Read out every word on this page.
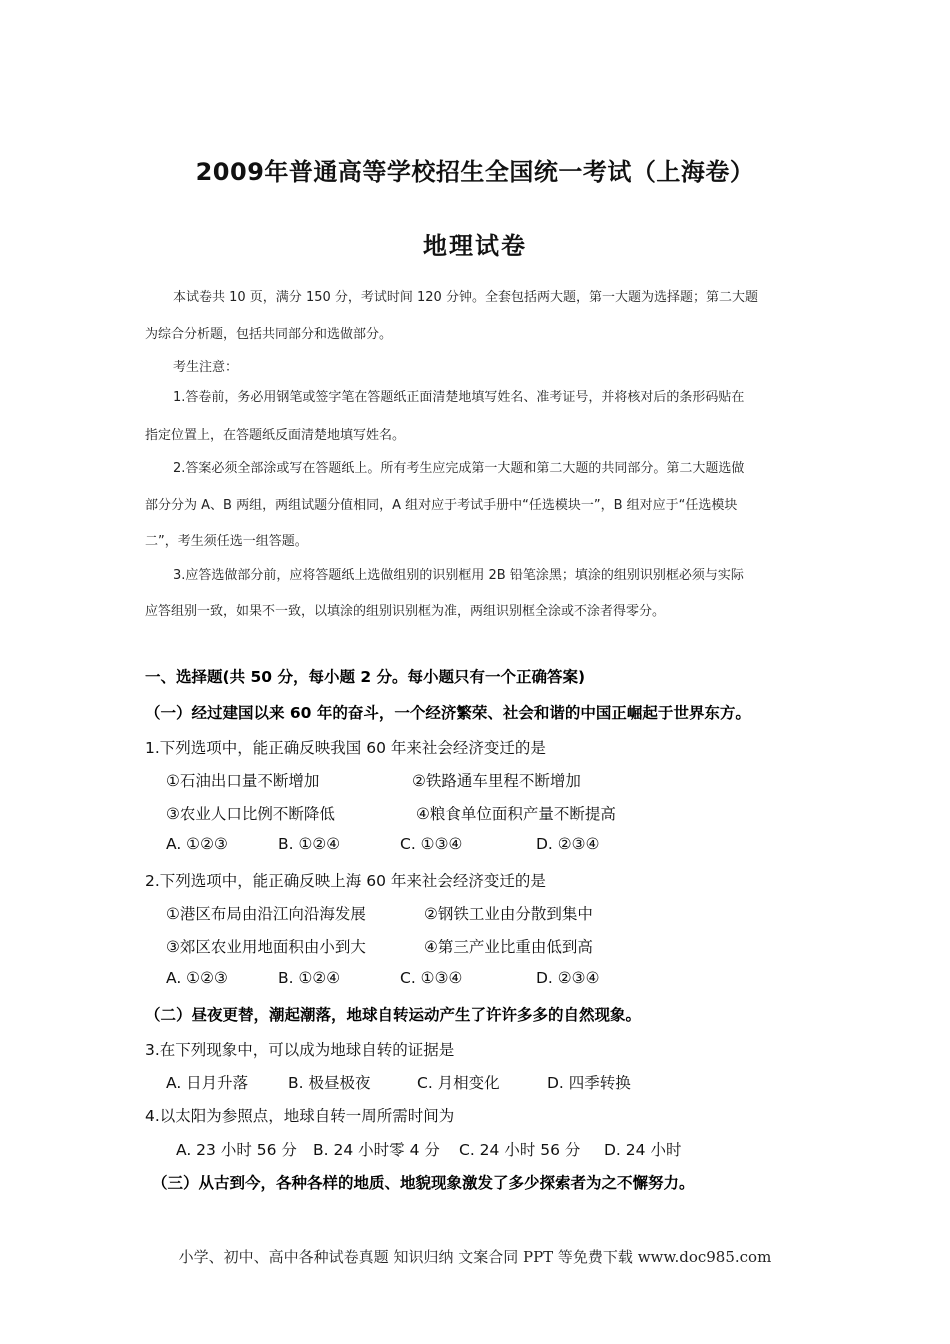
2009年普通高等学校招生全国统一考试（上海卷）
地理试卷
本试卷共 10 页，满分 150 分，考试时间 120 分钟。全套包括两大题，第一大题为选择题；第二大题
为综合分析题，包括共同部分和选做部分。
考生注意：
1.答卷前，务必用钢笔或签字笔在答题纸正面清楚地填写姓名、准考证号，并将核对后的条形码贴在
指定位置上，在答题纸反面清楚地填写姓名。
2.答案必须全部涂或写在答题纸上。所有考生应完成第一大题和第二大题的共同部分。第二大题选做
部分分为 A、B 两组，两组试题分值相同，A 组对应于考试手册中“任选模块一”，B 组对应于“任选模块
二”，考生须任选一组答题。
3.应答选做部分前，应将答题纸上选做组别的识别框用 2B 铅笔涂黑；填涂的组别识别框必须与实际
应答组别一致，如果不一致，以填涂的组别识别框为准，两组识别框全涂或不涂者得零分。
一、选择题(共 50 分，每小题 2 分。每小题只有一个正确答案)
（一）经过建国以来 60 年的奋斗，一个经济繁荣、社会和谐的中国正崛起于世界东方。
1.下列选项中，能正确反映我国 60 年来社会经济变迁的是
①石油出口量不断增加	②铁路通车里程不断增加
③农业人口比例不断降低	④粮食单位面积产量不断提高
A. ①②③	B. ①②④	C. ①③④	D. ②③④
2.下列选项中，能正确反映上海 60 年来社会经济变迁的是
①港区布局由沿江向沿海发展	②钢铁工业由分散到集中
③郊区农业用地面积由小到大	④第三产业比重由低到高
A. ①②③	B. ①②④	C. ①③④	D. ②③④
（二）昼夜更替，潮起潮落，地球自转运动产生了许许多多的自然现象。
3.在下列现象中，可以成为地球自转的证据是
A. 日月升落	B. 极昼极夜	C. 月相变化	D. 四季转换
4.以太阳为参照点，地球自转一周所需时间为
A. 23 小时 56 分 B. 24 小时零 4 分 C. 24 小时 56 分 D. 24 小时
（三）从古到今，各种各样的地质、地貌现象激发了多少探索者为之不懈努力。
小学、初中、高中各种试卷真题 知识归纳 文案合同 PPT 等免费下载 www.doc985.com
